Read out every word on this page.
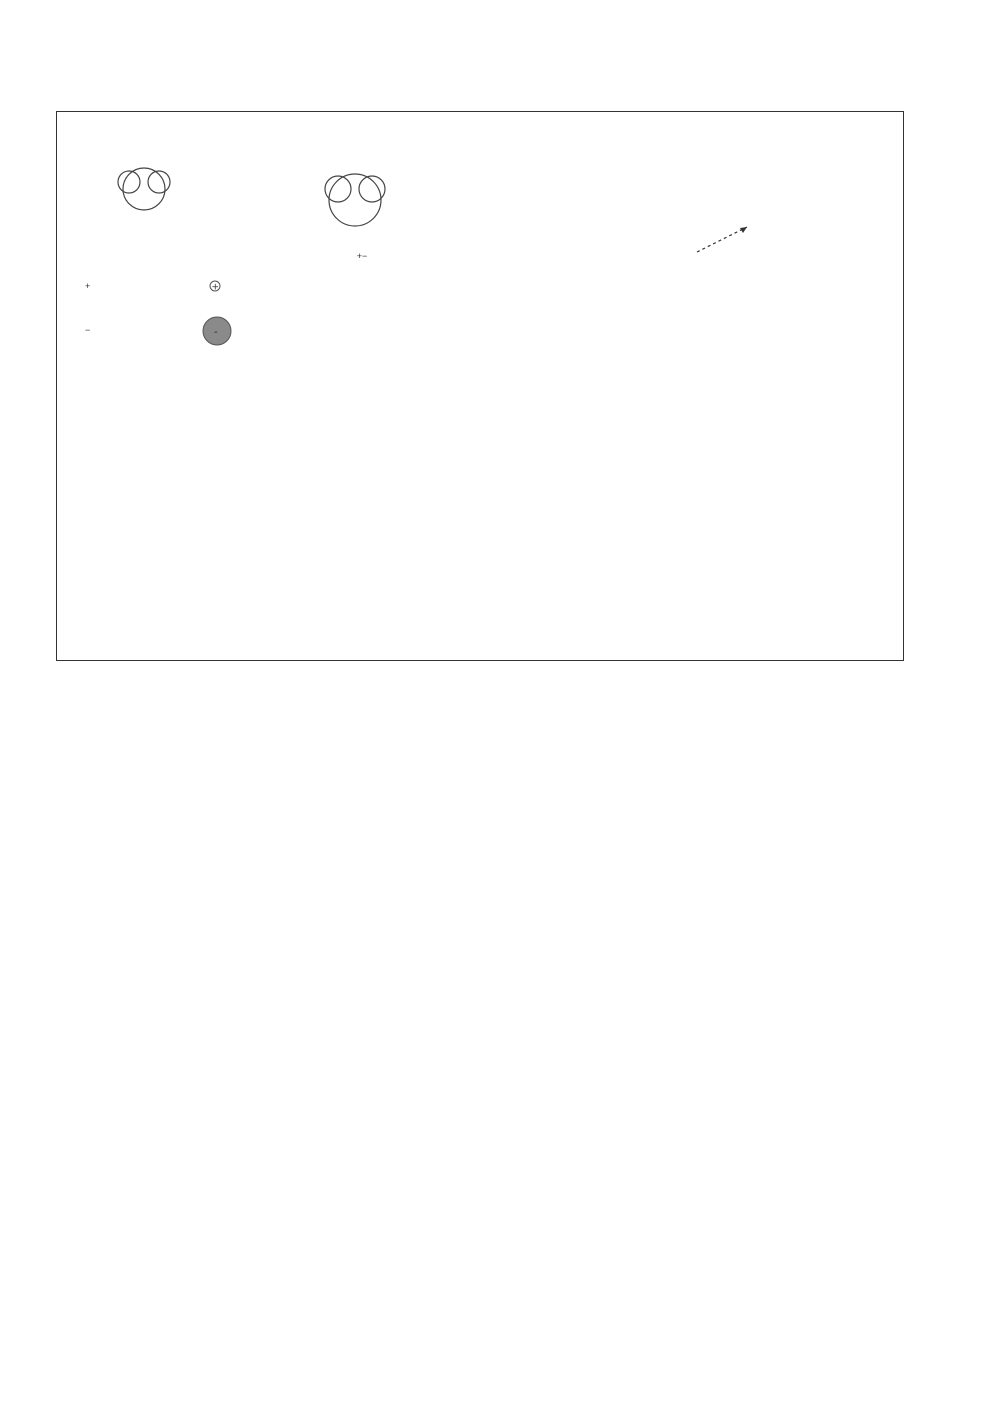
+−
+
−
+
-
